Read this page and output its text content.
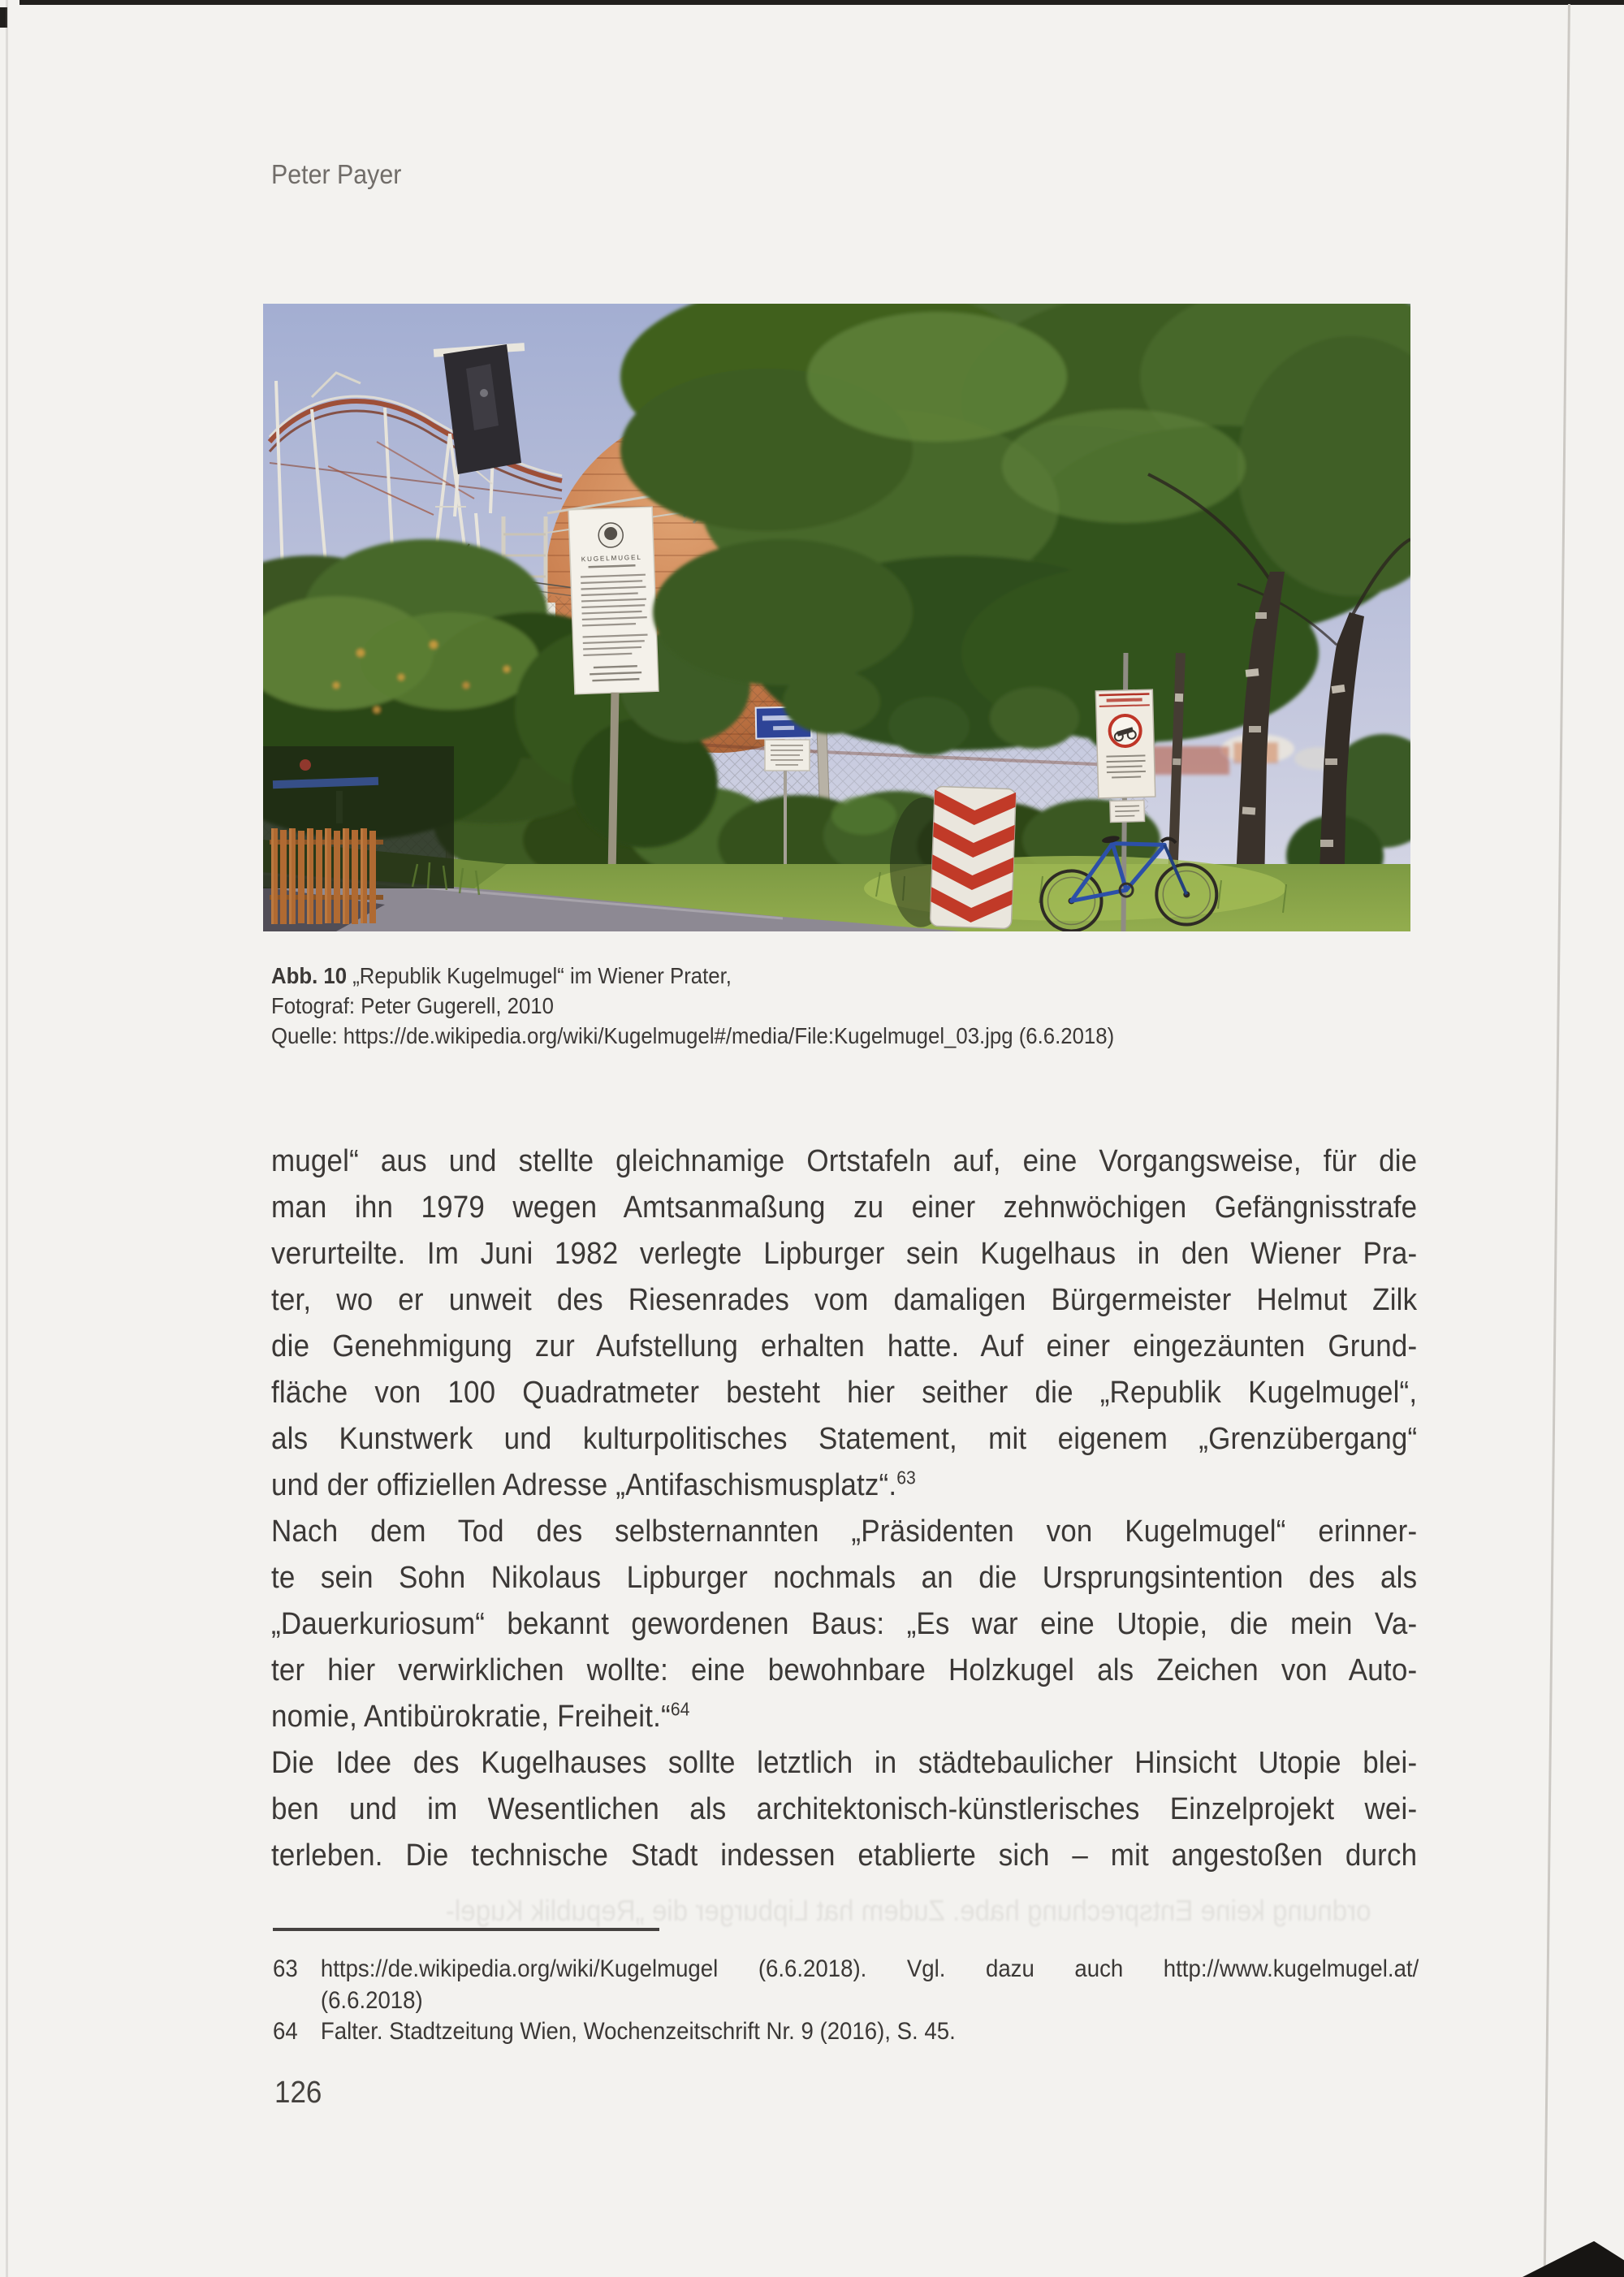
Peter Payer
KUGELMUGEL
Abb. 10 „Republik Kugelmugel“ im Wiener Prater,
Fotograf: Peter Gugerell, 2010
Quelle: https://de.wikipedia.org/wiki/Kugelmugel#/media/File:Kugelmugel_03.jpg (6.6.2018)
mugel“ aus und stellte gleichnamige Ortstafeln auf, eine Vorgangsweise, für die
man ihn 1979 wegen Amtsanmaßung zu einer zehnwöchigen Gefängnisstrafe
verurteilte. Im Juni 1982 verlegte Lipburger sein Kugelhaus in den Wiener Pra-
ter, wo er unweit des Riesenrades vom damaligen Bürgermeister Helmut Zilk
die Genehmigung zur Aufstellung erhalten hatte. Auf einer eingezäunten Grund-
fläche von 100 Quadratmeter besteht hier seither die „Republik Kugelmugel“,
als Kunstwerk und kulturpolitisches Statement, mit eigenem „Grenzübergang“
und der offiziellen Adresse „Antifaschismusplatz“.$^{63}$
Nach dem Tod des selbsternannten „Präsidenten von Kugelmugel“ erinner-
te sein Sohn Nikolaus Lipburger nochmals an die Ursprungsintention des als
„Dauerkuriosum“ bekannt gewordenen Baus: „Es war eine Utopie, die mein Va-
ter hier verwirklichen wollte: eine bewohnbare Holzkugel als Zeichen von Auto-
nomie, Antibürokratie, Freiheit.“$^{64}$
Die Idee des Kugelhauses sollte letztlich in städtebaulicher Hinsicht Utopie blei-
ben und im Wesentlichen als architektonisch-künstlerisches Einzelprojekt wei-
terleben. Die technische Stadt indessen etablierte sich – mit angestoßen durch
63 https://de.wikipedia.org/wiki/Kugelmugel (6.6.2018). Vgl. dazu auch http://www.kugelmugel.at/
(6.6.2018)
64 Falter. Stadtzeitung Wien, Wochenzeitschrift Nr. 9 (2016), S. 45.
ordnung keine Entsprechung habe. Zudem hat Lipburger die „Republik Kugel-
126
